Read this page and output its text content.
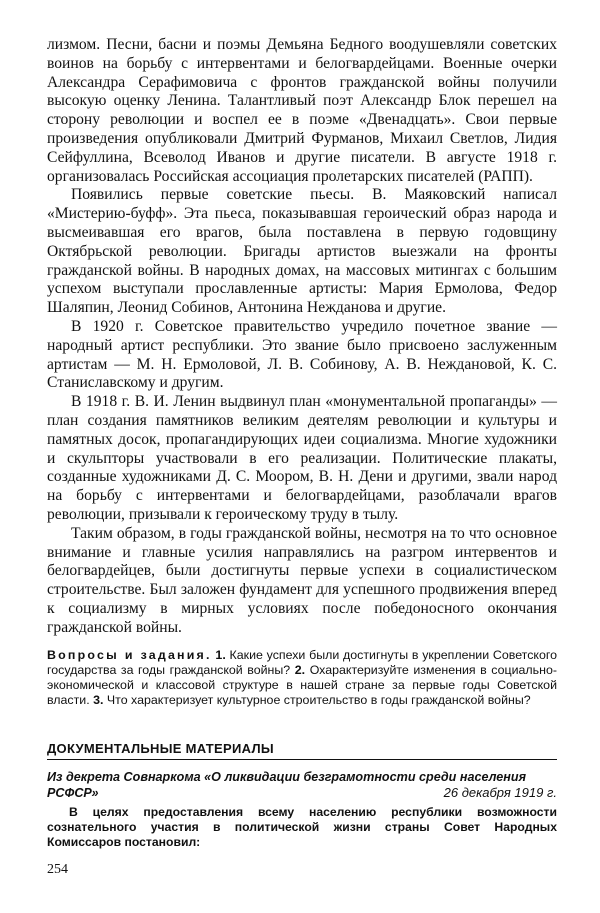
лизмом. Песни, басни и поэмы Демьяна Бедного воодушевляли советских воинов на борьбу с интервентами и белогвардейцами. Военные очерки Александра Серафимовича с фронтов гражданской войны получили высокую оценку Ленина. Талантливый поэт Александр Блок перешел на сторону революции и воспел ее в поэме «Двенадцать». Свои первые произведения опубликовали Дмитрий Фурманов, Михаил Светлов, Лидия Сейфуллина, Всеволод Иванов и другие писатели. В августе 1918 г. организовалась Российская ассоциация пролетарских писателей (РАПП).

Появились первые советские пьесы. В. Маяковский написал «Мистерию-буфф». Эта пьеса, показывавшая героический образ народа и высмеивавшая его врагов, была поставлена в первую годовщину Октябрьской революции. Бригады артистов выезжали на фронты гражданской войны. В народных домах, на массовых митингах с большим успехом выступали прославленные артисты: Мария Ермолова, Федор Шаляпин, Леонид Собинов, Антонина Нежданова и другие.

В 1920 г. Советское правительство учредило почетное звание — народный артист республики. Это звание было присвоено заслуженным артистам — М. Н. Ермоловой, Л. В. Собинову, А. В. Неждановой, К. С. Станиславскому и другим.

В 1918 г. В. И. Ленин выдвинул план «монументальной пропаганды» — план создания памятников великим деятелям революции и культуры и памятных досок, пропагандирующих идеи социализма. Многие художники и скульпторы участвовали в его реализации. Политические плакаты, созданные художниками Д. С. Моором, В. Н. Дени и другими, звали народ на борьбу с интервентами и белогвардейцами, разоблачали врагов революции, призывали к героическому труду в тылу.

Таким образом, в годы гражданской войны, несмотря на то что основное внимание и главные усилия направлялись на разгром интервентов и белогвардейцев, были достигнуты первые успехи в социалистическом строительстве. Был заложен фундамент для успешного продвижения вперед к социализму в мирных условиях после победоносного окончания гражданской войны.

Вопросы и задания. 1. Какие успехи были достигнуты в укреплении Советского государства за годы гражданской войны? 2. Охарактеризуйте изменения в социально-экономической и классовой структуре в нашей стране за первые годы Советской власти. 3. Что характеризует культурное строительство в годы гражданской войны?
ДОКУМЕНТАЛЬНЫЕ МАТЕРИАЛЫ
Из декрета Совнаркома «О ликвидации безграмотности среди населения
РСФСР»	26 декабря 1919 г.

В целях предоставления всему населению республики возможности сознательного участия в политической жизни страны Совет Народных Комиссаров постановил:

254
